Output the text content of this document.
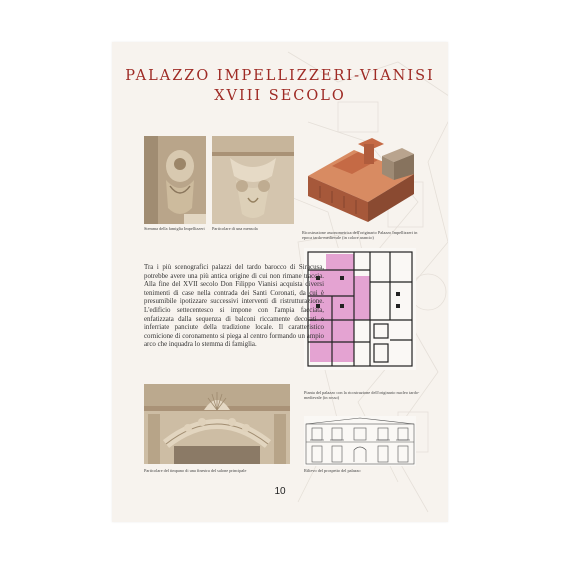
PALAZZO IMPELLIZZERI-VIANISI
XVIII SECOLO
Stemma della famiglia Impellizzeri Particolare di una mensola
Ricostruzione assonometrica dell'originario Palazzo Impellizzeri in epoca tardo-medievale (in colore arancio)
Pianta del palazzo con la ricostruzione dell'originario nucleo tardo-medievale (in rosso)
Tra i più scenografici palazzi del tardo barocco di Siracusa, potrebbe avere una più antica origine di cui non rimane traccia. Alla fine del XVII secolo Don Filippo Vianisi acquista diversi tenimenti di case nella contrada dei Santi Coronati, da cui è presumibile ipotizzare successivi interventi di ristrutturazione. L'edificio settecentesco si impone con l'ampia facciata, enfatizzata dalla sequenza di balconi riccamente decorati e inferriate panciute della tradizione locale. Il caratteristico cornicione di coronamento si piega al centro formando un ampio arco che inquadra lo stemma di famiglia.
Particolare del timpano di una finestra del salone principale	Rilievo del prospetto del palazzo
10
